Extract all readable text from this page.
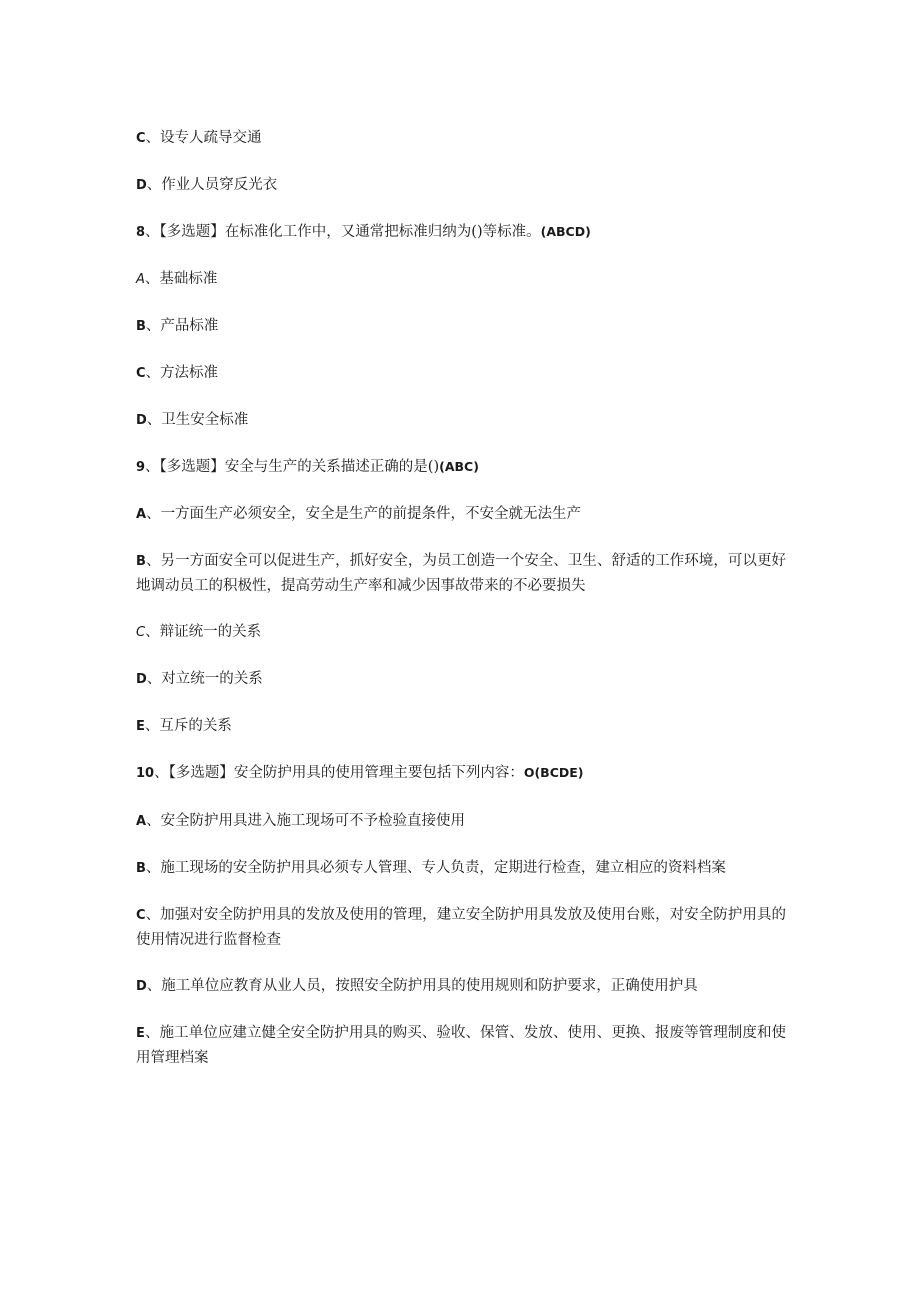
C、设专人疏导交通
D、作业人员穿反光衣
8、【多选题】在标准化工作中，又通常把标准归纳为()等标准。(ABCD)
A、基础标准
B、产品标准
C、方法标准
D、卫生安全标准
9、【多选题】安全与生产的关系描述正确的是()(ABC)
A、一方面生产必须安全，安全是生产的前提条件，不安全就无法生产
B、另一方面安全可以促进生产，抓好安全，为员工创造一个安全、卫生、舒适的工作环境，可以更好地调动员工的积极性，提高劳动生产率和减少因事故带来的不必要损失
C、辩证统一的关系
D、对立统一的关系
E、互斥的关系
10、【多选题】安全防护用具的使用管理主要包括下列内容：O(BCDE)
A、安全防护用具进入施工现场可不予检验直接使用
B、施工现场的安全防护用具必须专人管理、专人负责，定期进行检查，建立相应的资料档案
C、加强对安全防护用具的发放及使用的管理，建立安全防护用具发放及使用台账，对安全防护用具的使用情况进行监督检查
D、施工单位应教育从业人员，按照安全防护用具的使用规则和防护要求，正确使用护具
E、施工单位应建立健全安全防护用具的购买、验收、保管、发放、使用、更换、报废等管理制度和使用管理档案
